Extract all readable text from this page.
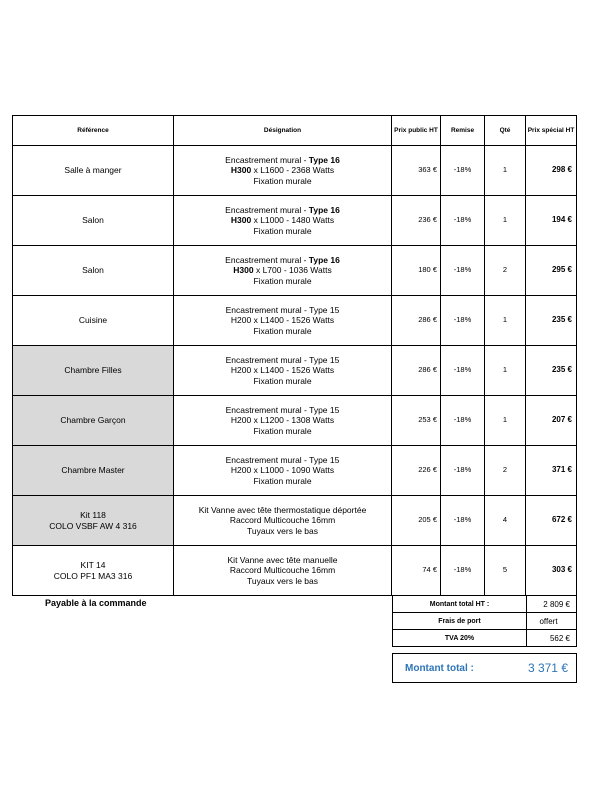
Référence	Désignation	Prix public HT	Remise	Qté	Prix spécial HT

Salle à manger	Encastrement mural - Type 16
H300 x L1600 - 2368 Watts
Fixation murale	363 €	-18%	1	298 €

Salon	Encastrement mural - Type 16
H300 x L1000 - 1480 Watts
Fixation murale	236 €	-18%	1	194 €

Salon	Encastrement mural - Type 16
H300 x L700 - 1036 Watts
Fixation murale	180 €	-18%	2	295 €

Cuisine	Encastrement mural - Type 15
H200 x L1400 - 1526 Watts
Fixation murale	286 €	-18%	1	235 €

Chambre Filles	Encastrement mural - Type 15
H200 x L1400 - 1526 Watts
Fixation murale	286 €	-18%	1	235 €

Chambre Garçon	Encastrement mural - Type 15
H200 x L1200 - 1308 Watts
Fixation murale	253 €	-18%	1	207 €

Chambre Master	Encastrement mural - Type 15
H200 x L1000 - 1090 Watts
Fixation murale	226 €	-18%	2	371 €

Kit 118
COLO VSBF AW 4 316	Kit Vanne avec tête thermostatique déportée
Raccord Multicouche 16mm
Tuyaux vers le bas	205 €	-18%	4	672 €

KIT 14
COLO PF1 MA3 316	Kit Vanne avec tête manuelle
Raccord Multicouche 16mm
Tuyaux vers le bas	74 €	-18%	5	303 €
Payable à la commande	Montant total HT :	2 809 €
Frais de port	offert
TVA 20%	562 €

Montant total :	3 371 €
